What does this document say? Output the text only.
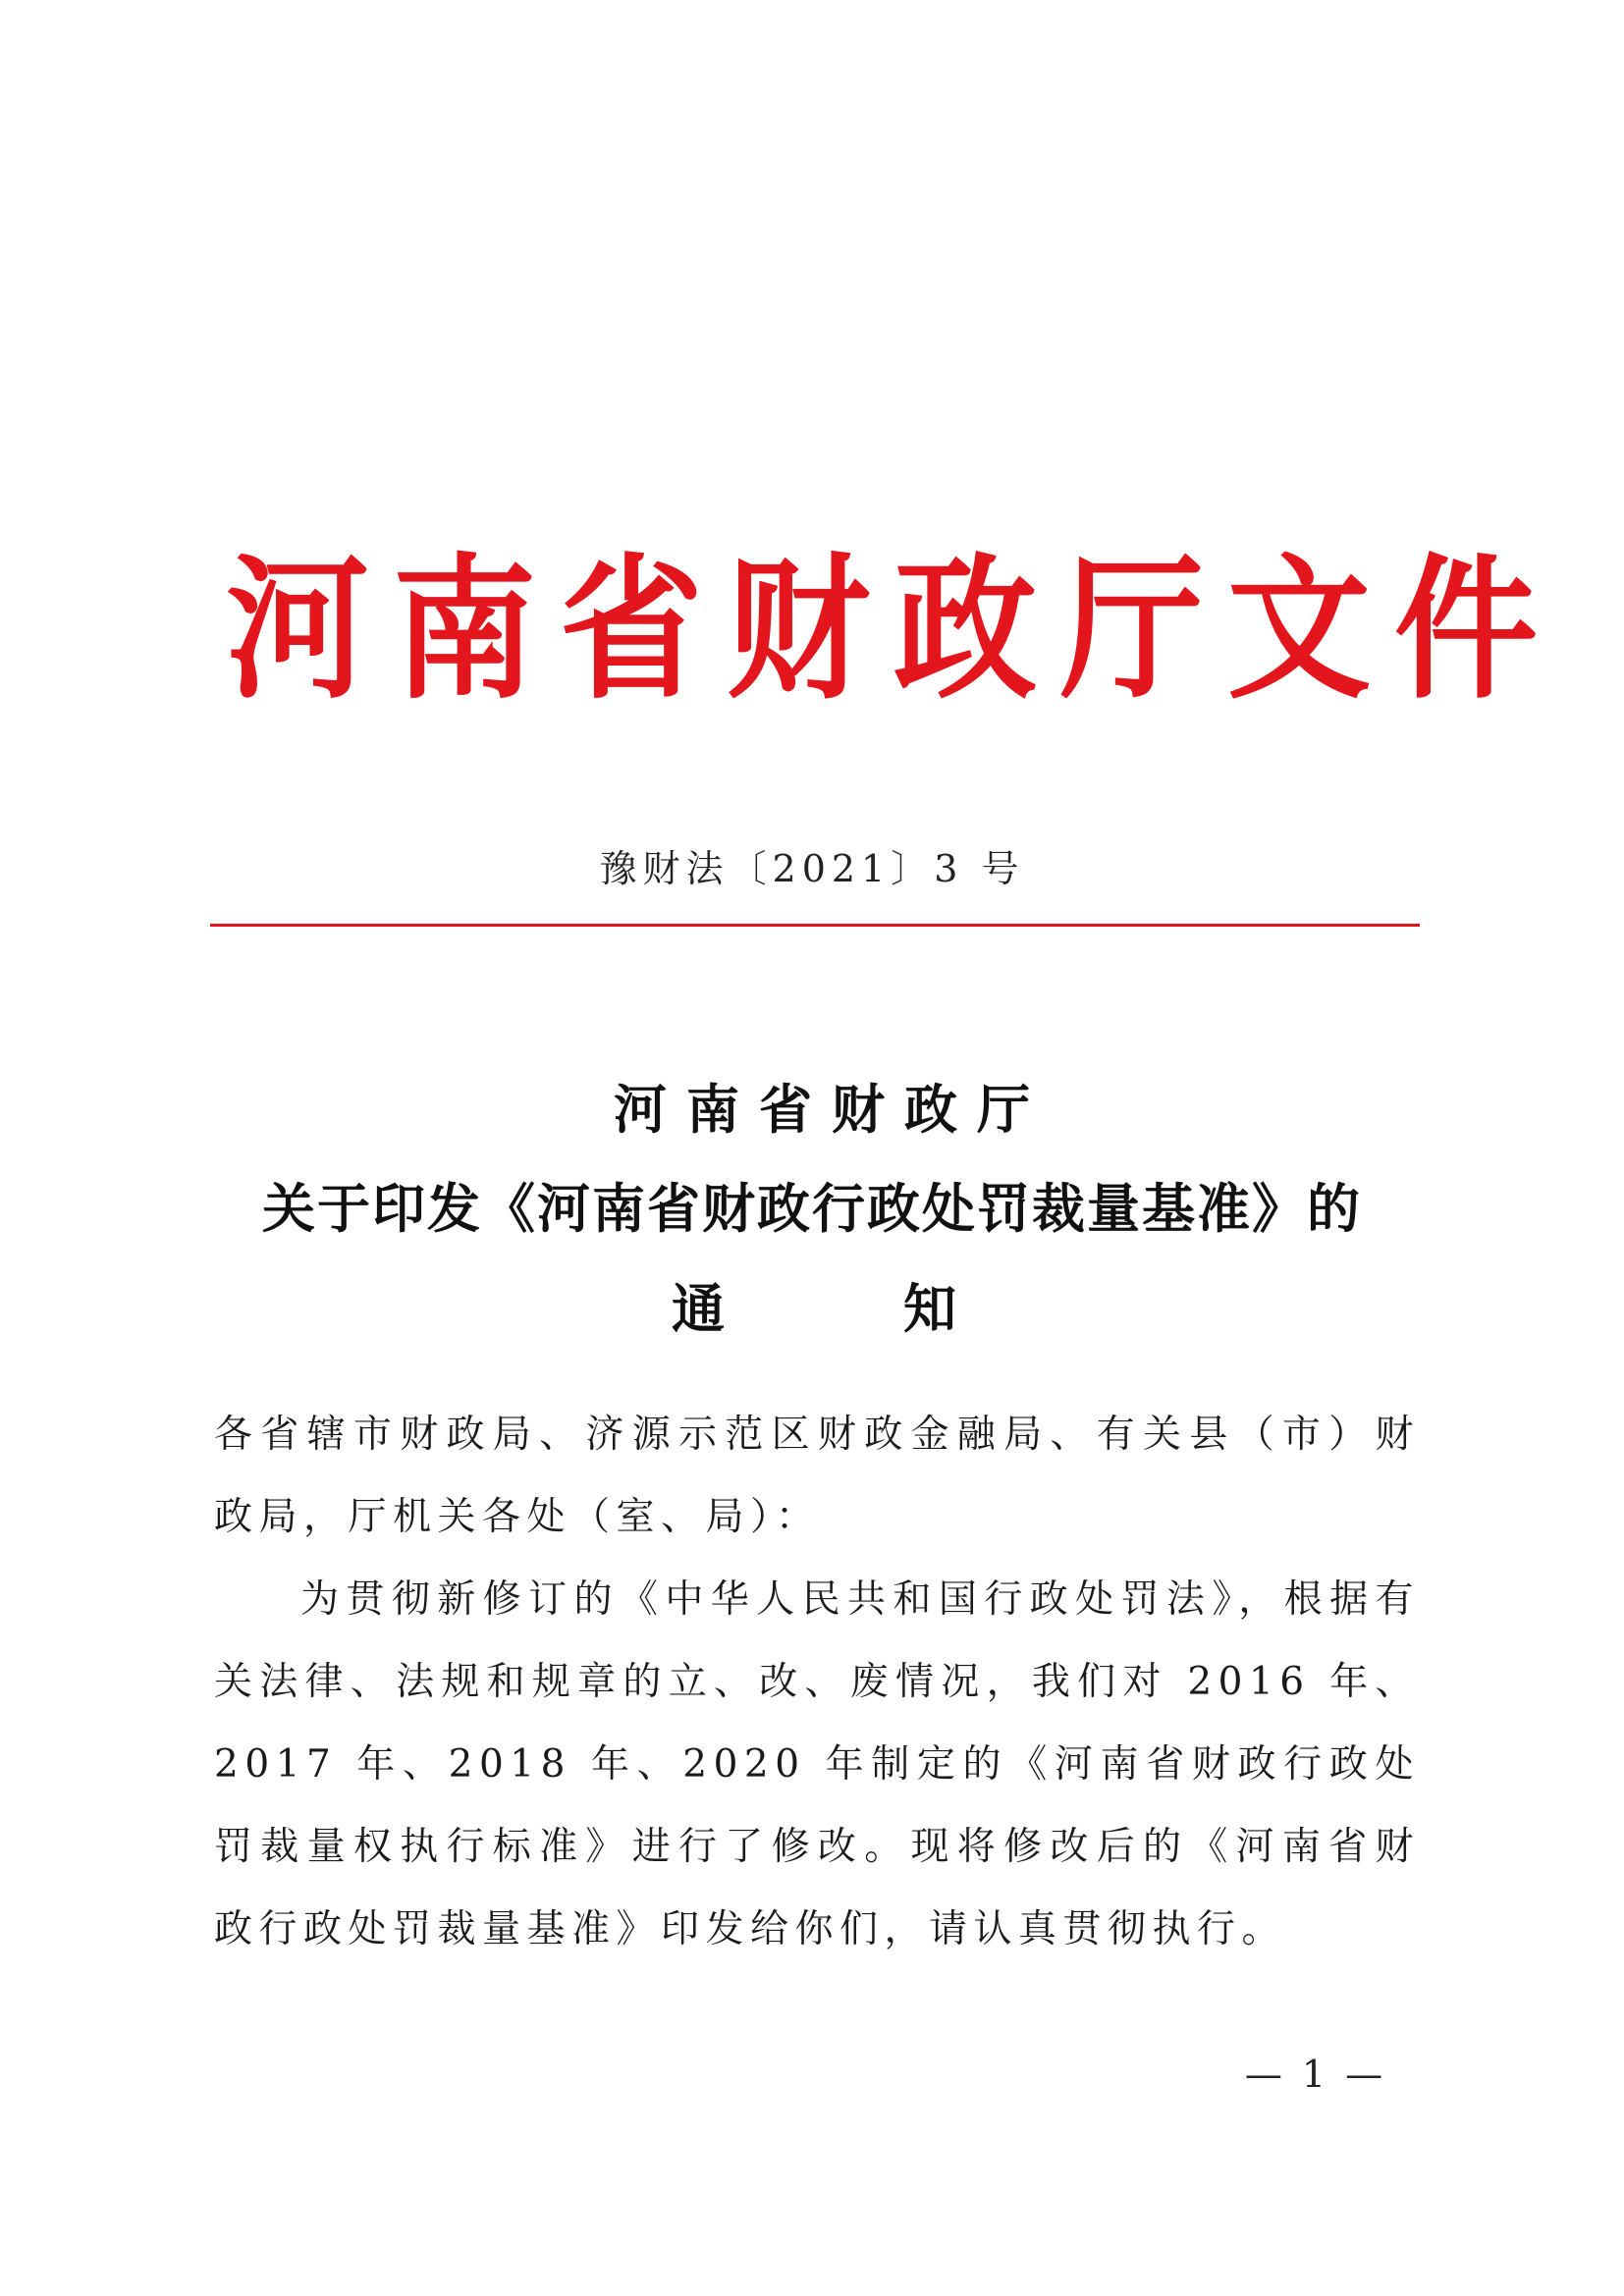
河南省财政厅文件
豫财法〔2021〕3 号
河南省财政厅
关于印发《河南省财政行政处罚裁量基准》的
通	知
各省辖市财政局、济源示范区财政金融局、有关县（市）财政局，厅机关各处（室、局）：
为贯彻新修订的《中华人民共和国行政处罚法》，根据有关法律、法规和规章的立、改、废情况，我们对 2016 年、2017 年、2018 年、2020 年制定的《河南省财政行政处罚裁量权执行标准》进行了修改。现将修改后的《河南省财政行政处罚裁量基准》印发给你们，请认真贯彻执行。
— 1 —
